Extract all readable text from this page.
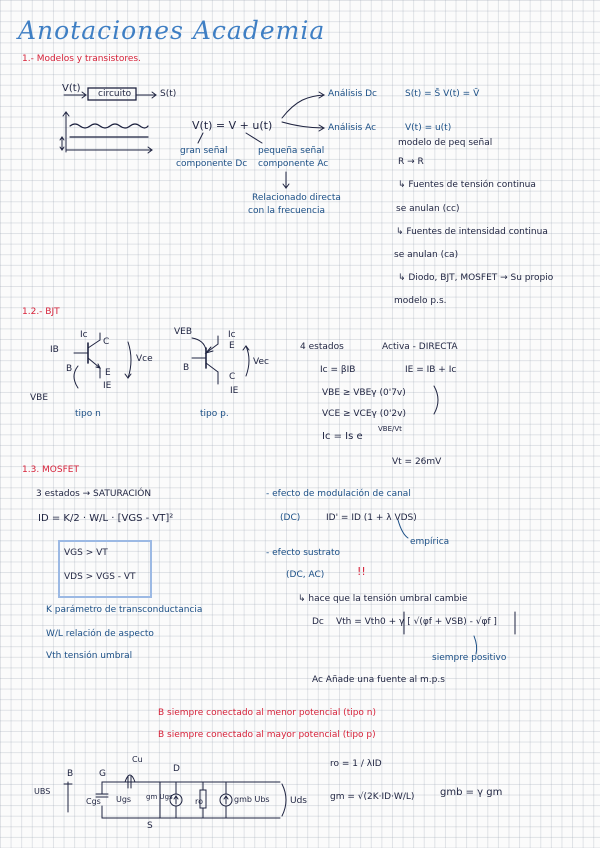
Anotaciones Academia
1.- Modelos y transistores.
V(t) circuito	S(t)
V(t) = V + u(t)
gran señal
componente Dc
pequeña señal
componente Ac
Relacionado directa
con la frecuencia
Análisis Dc	S(t) = S̄ V(t) = V̄
Análisis Ac	V(t) = u(t)
modelo de peq señal
R → R
↳ Fuentes de tensión continua
se anulan (cc)
↳ Fuentes de intensidad continua
se anulan (ca)
↳ Diodo, BJT, MOSFET → Su propio
modelo p.s.
1.2.- BJT
Ic
C
IB
B	E
IE
VBE
Vce
tipo n
VEB	Ic
E
B
C
IE
Vec
tipo p.
4 estados	Activa - DIRECTA
Ic = βIB	IE = IB + Ic
VBE ≥ VBEγ (0'7v)
VCE ≥ VCEγ (0'2v)
Ic = Is e
VBE/Vt
Vt = 26mV
1.3. MOSFET
3 estados → SATURACIÓN
ID = K/2 · W/L · [VGS - VT]²
VGS > VT
VDS > VGS - VT
K parámetro de transconductancia
W/L relación de aspecto
Vth tensión umbral
- efecto de modulación de canal
(DC)	ID' = ID (1 + λ VDS)
empírica
- efecto sustrato
(DC, AC)	!!
↳ hace que la tensión umbral cambie
Dc Vth = Vth0 + γ [ √(φf + VSB) - √φf ]
siempre positivo
Ac Añade una fuente al m.p.s
B siempre conectado al menor potencial (tipo n)
B siempre conectado al mayor potencial (tipo p)
ro = 1 / λID
gm = √(2K·ID·W/L)	gmb = γ gm
B	G	D
S
Cu
Ugs
Cgs
UBS
gm Ugs	ro	gmb Ubs Uds
